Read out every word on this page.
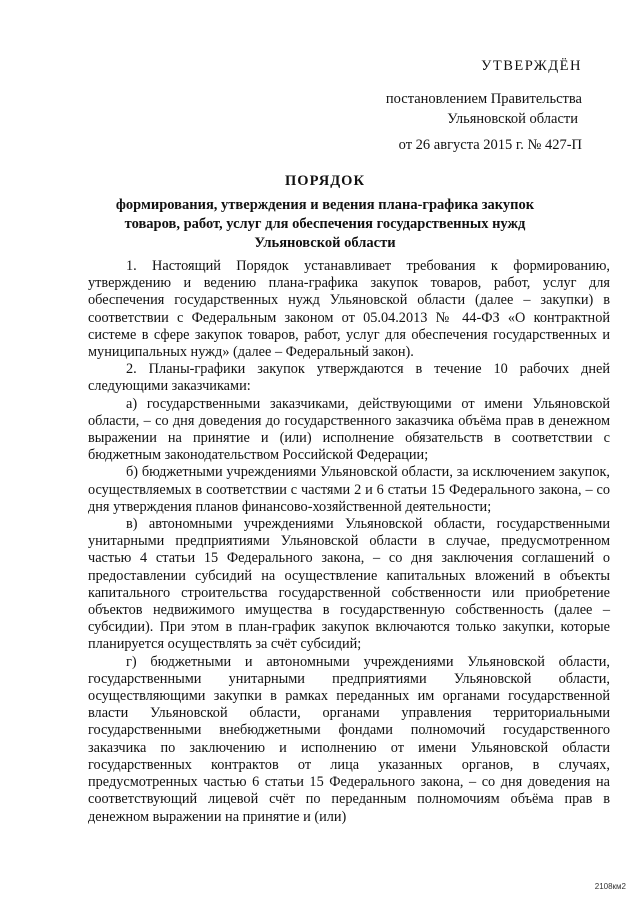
УТВЕРЖДЁН
постановлением Правительства
Ульяновской области
от 26 августа 2015 г. № 427-П
ПОРЯДОК
формирования, утверждения и ведения плана-графика закупок
товаров, работ, услуг для обеспечения государственных нужд
Ульяновской области

1. Настоящий Порядок устанавливает требования к формированию, утверждению и ведению плана-графика закупок товаров, работ, услуг для обеспечения государственных нужд Ульяновской области (далее – закупки) в соответствии с Федеральным законом от 05.04.2013 № 44-ФЗ «О контрактной системе в сфере закупок товаров, работ, услуг для обеспечения государственных и муниципальных нужд» (далее – Федеральный закон).

2. Планы-графики закупок утверждаются в течение 10 рабочих дней следующими заказчиками:

а) государственными заказчиками, действующими от имени Ульяновской области, – со дня доведения до государственного заказчика объёма прав в денежном выражении на принятие и (или) исполнение обязательств в соответствии с бюджетным законодательством Российской Федерации;

б) бюджетными учреждениями Ульяновской области, за исключением закупок, осуществляемых в соответствии с частями 2 и 6 статьи 15 Федерального закона, – со дня утверждения планов финансово-хозяйственной деятельности;

в) автономными учреждениями Ульяновской области, государственными унитарными предприятиями Ульяновской области в случае, предусмотренном частью 4 статьи 15 Федерального закона, – со дня заключения соглашений о предоставлении субсидий на осуществление капитальных вложений в объекты капитального строительства государственной собственности или приобретение объектов недвижимого имущества в государственную собственность (далее – субсидии). При этом в план-график закупок включаются только закупки, которые планируется осуществлять за счёт субсидий;

г) бюджетными и автономными учреждениями Ульяновской области, государственными унитарными предприятиями Ульяновской области, осуществляющими закупки в рамках переданных им органами государственной власти Ульяновской области, органами управления территориальными государственными внебюджетными фондами полномочий государственного заказчика по заключению и исполнению от имени Ульяновской области государственных контрактов от лица указанных органов, в случаях, предусмотренных частью 6 статьи 15 Федерального закона, – со дня доведения на соответствующий лицевой счёт по переданным полномочиям объёма прав в денежном выражении на принятие и (или)

2108км2
